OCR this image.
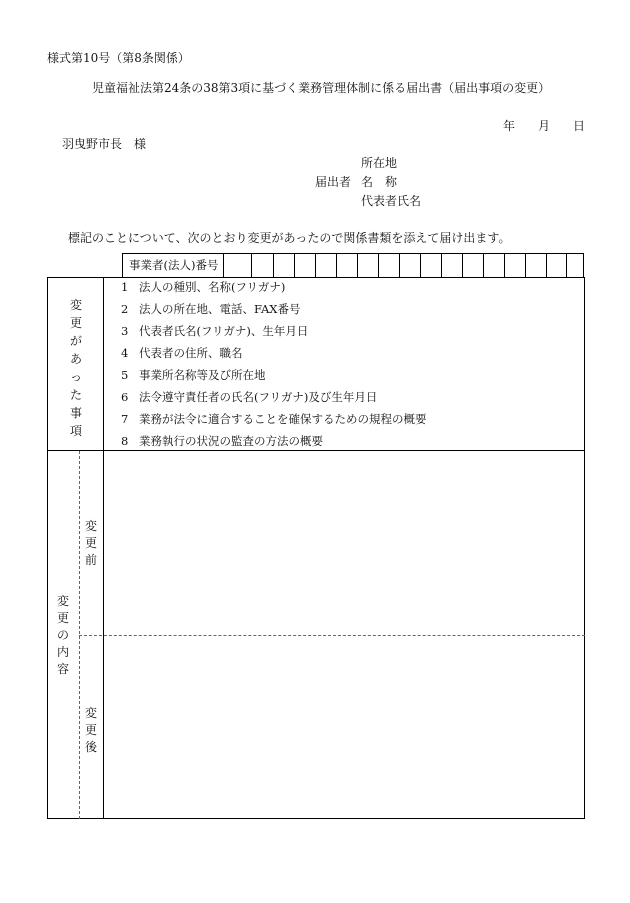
様式第10号（第8条関係）
児童福祉法第24条の38第3項に基づく業務管理体制に係る届出書（届出事項の変更）
年 月 日
羽曳野市長　様
所在地
届出者 名　称
代表者氏名
標記のことについて、次のとおり変更があったので関係書類を添えて届け出ます。
事業者(法人)番号
変
更
が
あ
っ
た
事
項
1 法人の種別、名称(フリガナ)
2 法人の所在地、電話、FAX番号
3 代表者氏名(フリガナ)、生年月日
4 代表者の住所、職名
5 事業所名称等及び所在地
6 法令遵守責任者の氏名(フリガナ)及び生年月日
7 業務が法令に適合することを確保するための規程の概要
8 業務執行の状況の監査の方法の概要
変
更
の
内
容
変
更
前
変
更
後
